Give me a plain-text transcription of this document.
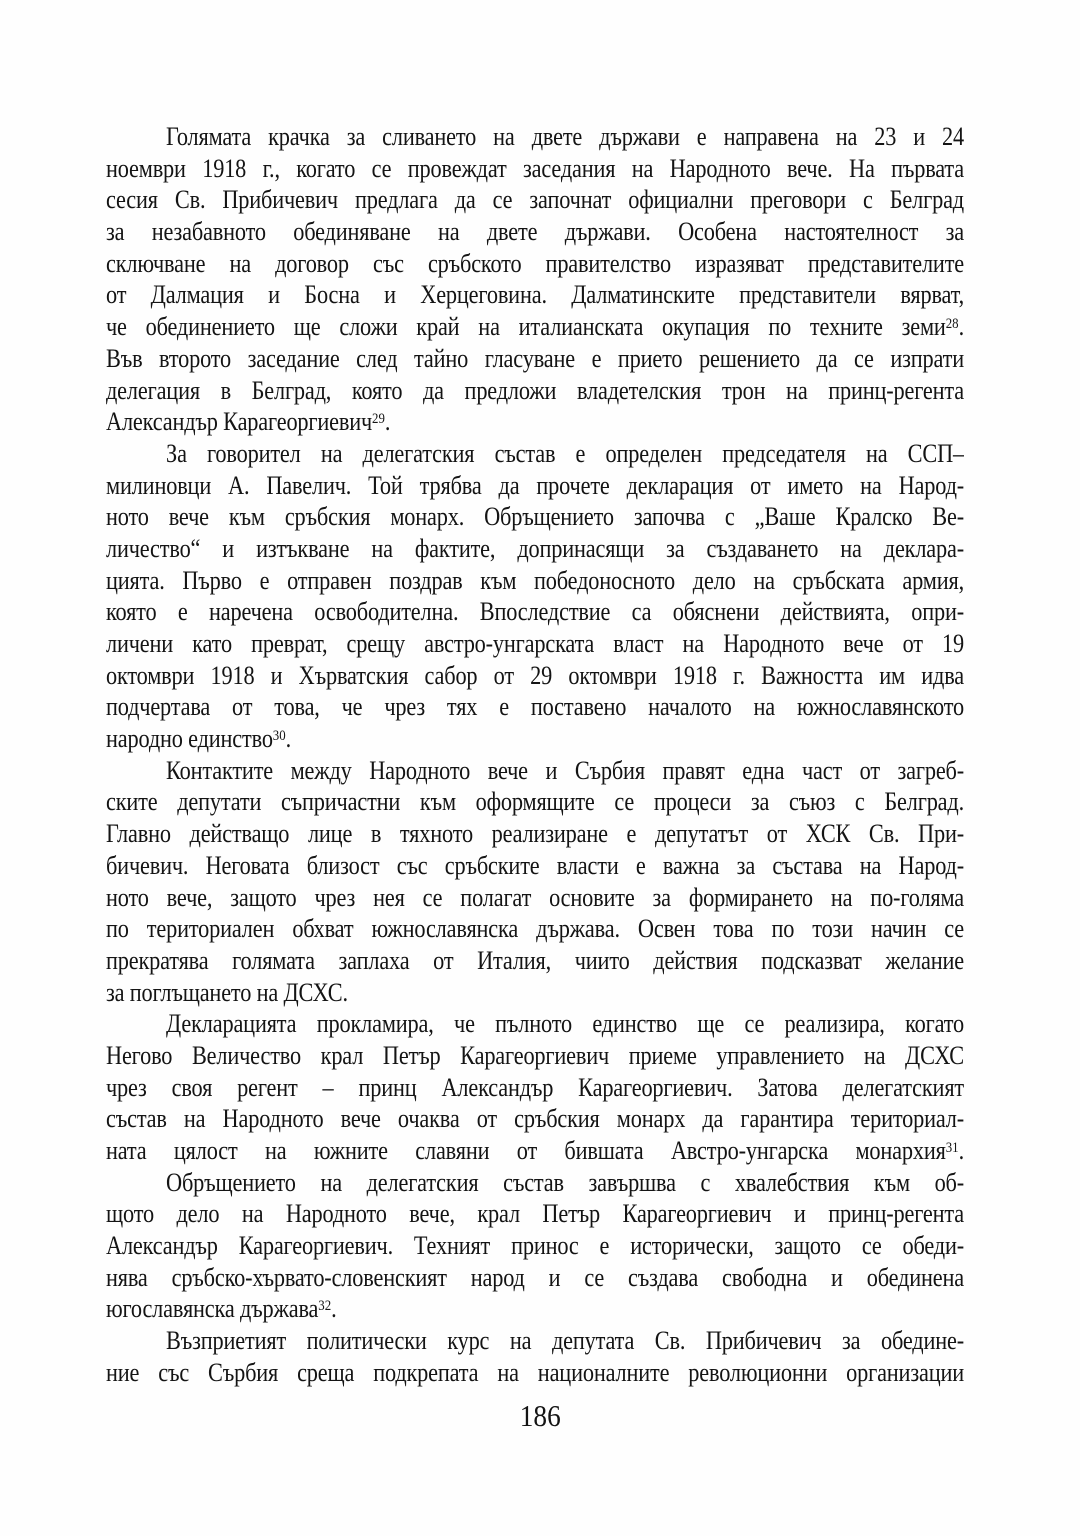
Голямата крачка за сливането на двете държави е направена на 23 и 24
ноември 1918 г., когато се провеждат заседания на Народното вече. На първата
сесия Св. Прибичевич предлага да се започнат официални преговори с Белград
за незабавното обединяване на двете държави. Особена настоятелност за
сключване на договор със сръбското правителство изразяват представителите
от Далмация и Босна и Херцеговина. Далматинските представители вярват,
че обединението ще сложи край на италианската окупация по техните земи$^{28}$.
Във второто заседание след тайно гласуване е прието решението да се изпрати
делегация в Белград, която да предложи владетелския трон на принц-регента
Александър Карагеоргиевич$^{29}$.
За говорител на делегатския състав е определен председателя на ССП–
милиновци А. Павелич. Той трябва да прочете декларация от името на Народ-
ното вече към сръбския монарх. Обръщението започва с „Ваше Кралско Ве-
личество“ и изтъкване на фактите, допринасящи за създаването на деклара-
цията. Първо е отправен поздрав към победоносното дело на сръбската армия,
която е наречена освободителна. Впоследствие са обяснени действията, опри-
личени като преврат, срещу австро-унгарската власт на Народното вече от 19
октомври 1918 и Хърватския сабор от 29 октомври 1918 г. Важността им идва
подчертава от това, че чрез тях е поставено началото на южнославянското
народно единство$^{30}$.
Контактите между Народното вече и Сърбия правят една част от загреб-
ските депутати съпричастни към оформящите се процеси за съюз с Белград.
Главно действащо лице в тяхното реализиране е депутатът от ХСК Св. При-
бичевич. Неговата близост със сръбските власти е важна за състава на Народ-
ното вече, защото чрез нея се полагат основите за формирането на по-голяма
по териториален обхват южнославянска държава. Освен това по този начин се
прекратява голямата заплаха от Италия, чиито действия подсказват желание
за поглъщането на ДСХС.
Декларацията прокламира, че пълното единство ще се реализира, когато
Негово Величество крал Петър Карагеоргиевич приеме управлението на ДСХС
чрез своя регент – принц Александър Карагеоргиевич. Затова делегатският
състав на Народното вече очаква от сръбския монарх да гарантира териториал-
ната цялост на южните славяни от бившата Австро-унгарска монархия$^{31}$.
Обръщението на делегатския състав завършва с хвалебствия към об-
щото дело на Народното вече, крал Петър Карагеоргиевич и принц-регента
Александър Карагеоргиевич. Техният принос е исторически, защото се обеди-
нява сръбско-хървато-словенският народ и се създава свободна и обединена
югославянска държава$^{32}$.
Възприетият политически курс на депутата Св. Прибичевич за обедине-
ние със Сърбия среща подкрепата на националните революционни организации
186
